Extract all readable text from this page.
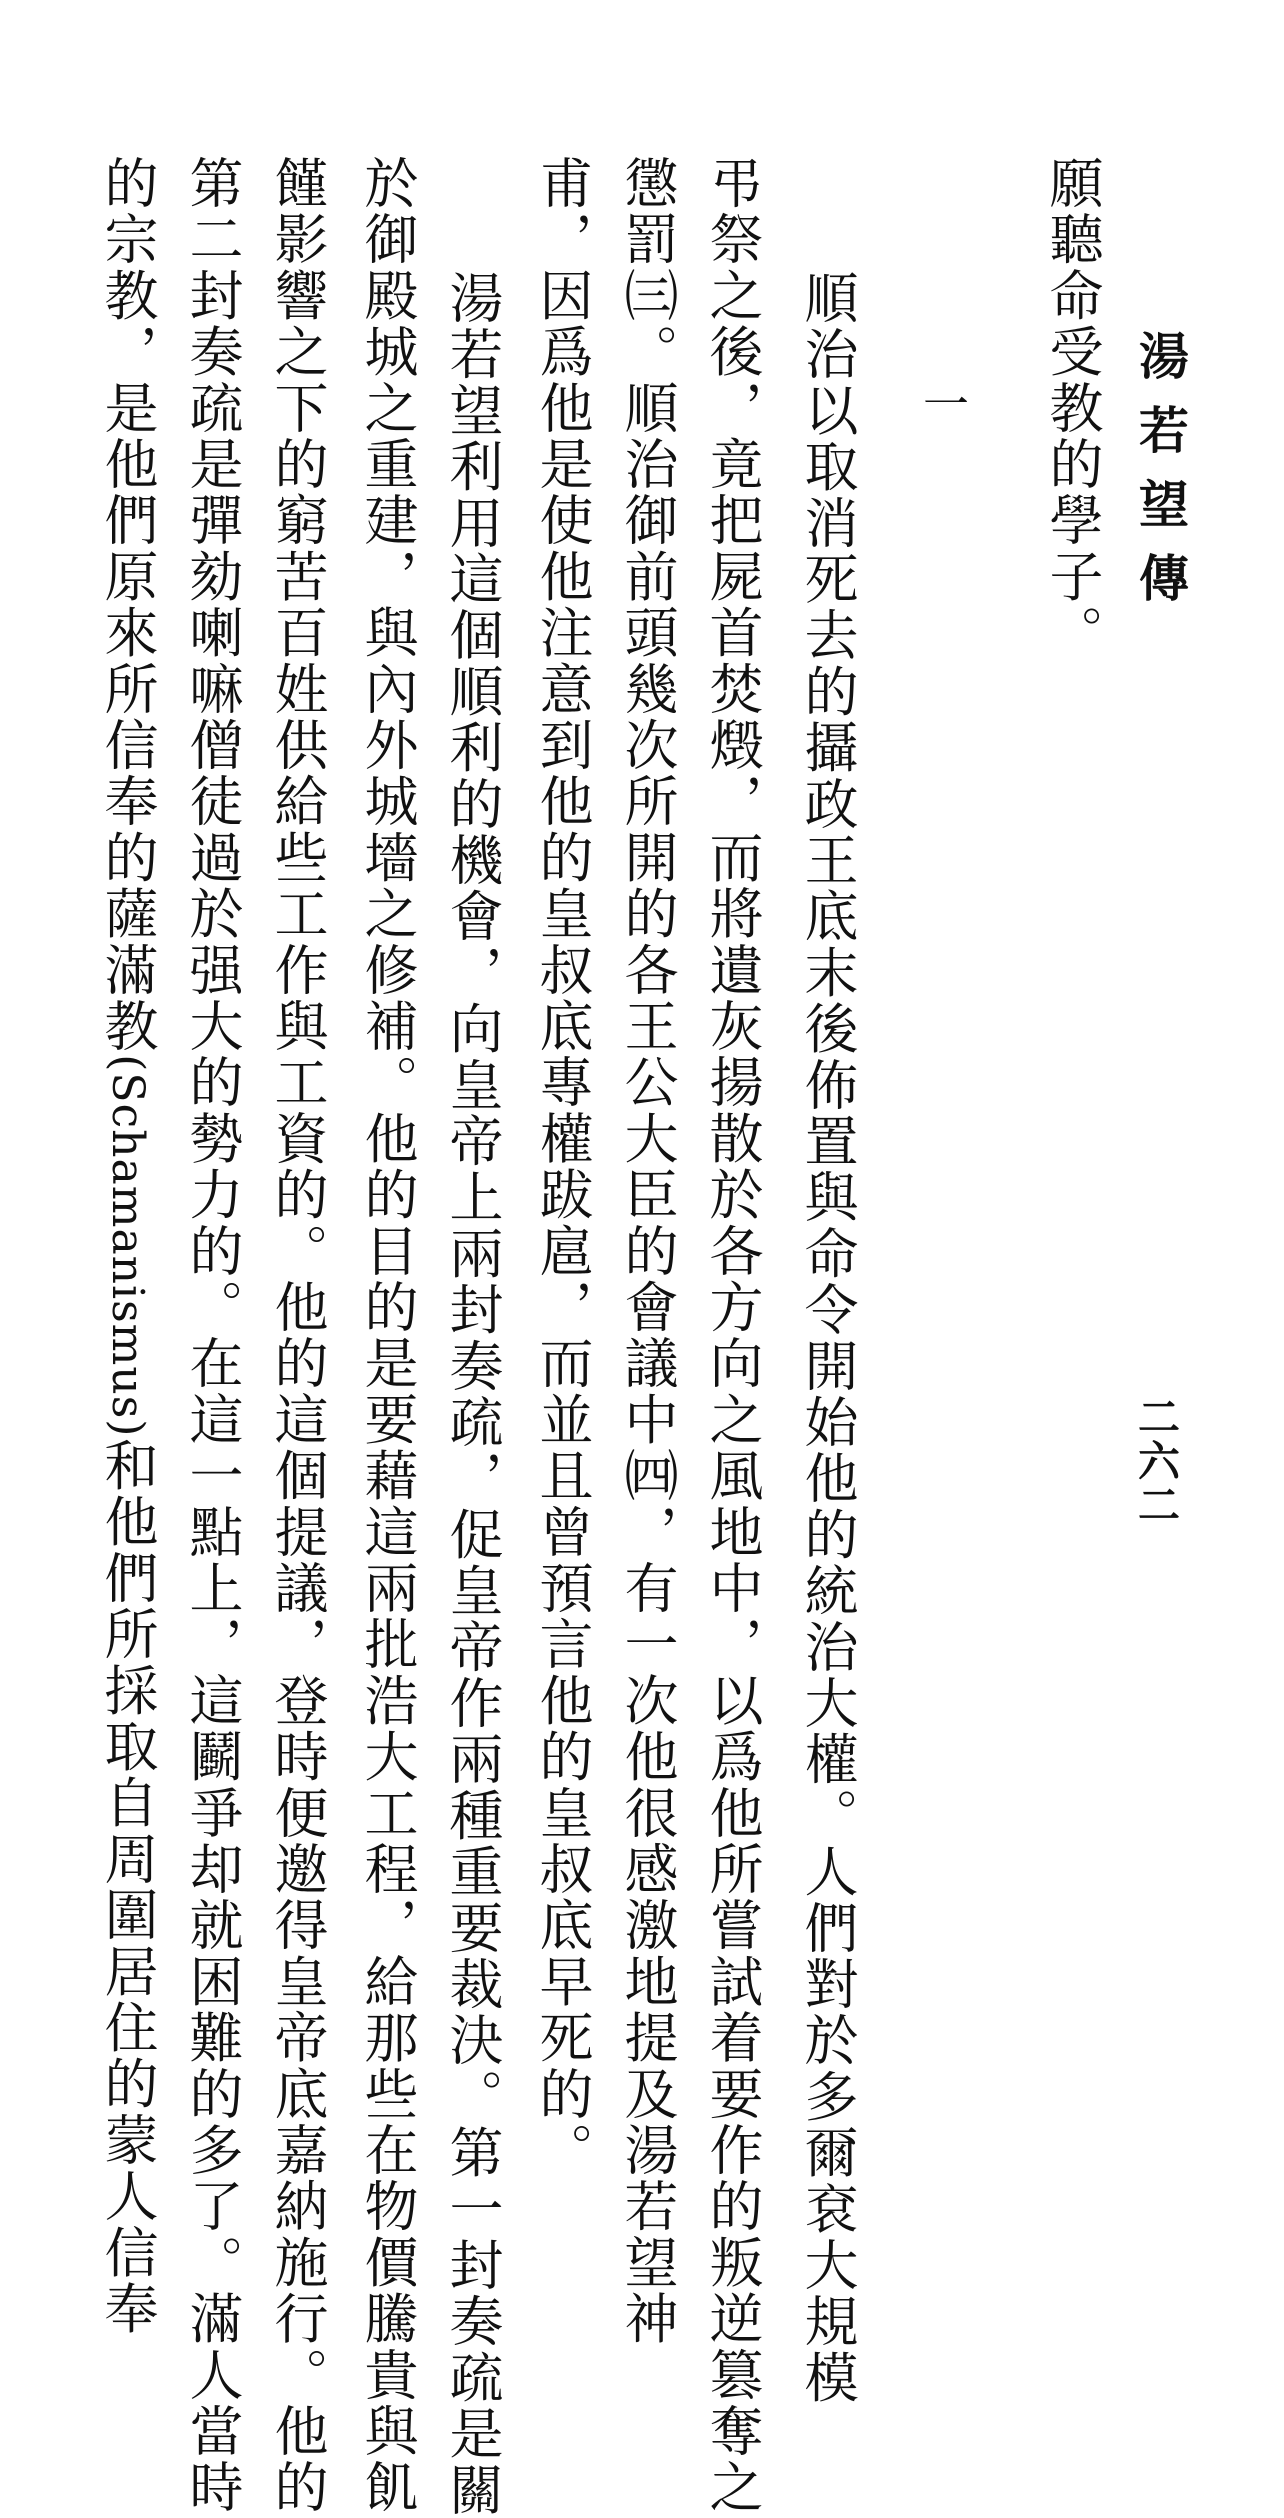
湯若望傳
二六二
願聽命受教的學子。
一
順治以取消死去的攝政王底末後佈置與命令開始他的統治大權。人們對於多爾袞大規模
弔祭之後，竟把屍首焚燬，而將遺灰揚散於各方向之風地中，以爲他所嘗試着要作的叛逆篡奪之
懲罰㈢。順治御前頭幾次所開的各王公大臣的會議中㈣，有一次他很感激地提及湯若望神
甫，因爲他是使他注意到他的皇叔底專權跋扈，而並且曾預言他的皇叔底早死的。
湯若望利用這個順利的機會，向皇帝上兩封奏疏，促皇帝作兩種重要裁決。第一封奏疏是關
於御殿城之重建，與內外城墻之修補。他的目的是要藉這兩批浩大工程，給那些在物價騰貴與飢
饉影響之下的窮苦百姓供給些工作與工資的。他的這個提議，登時便邀得皇帝底嘉納施行。他的
第二封奏疏是彈劾喇嘛僧徒過於强大的勢力的。在這一點上，這鬬爭却就困難的多了。滿人當時
的宗教，是他們原來所信奉的薩滿教(Schamanismus)和他們所採取自周圍居住的蒙人信奉
